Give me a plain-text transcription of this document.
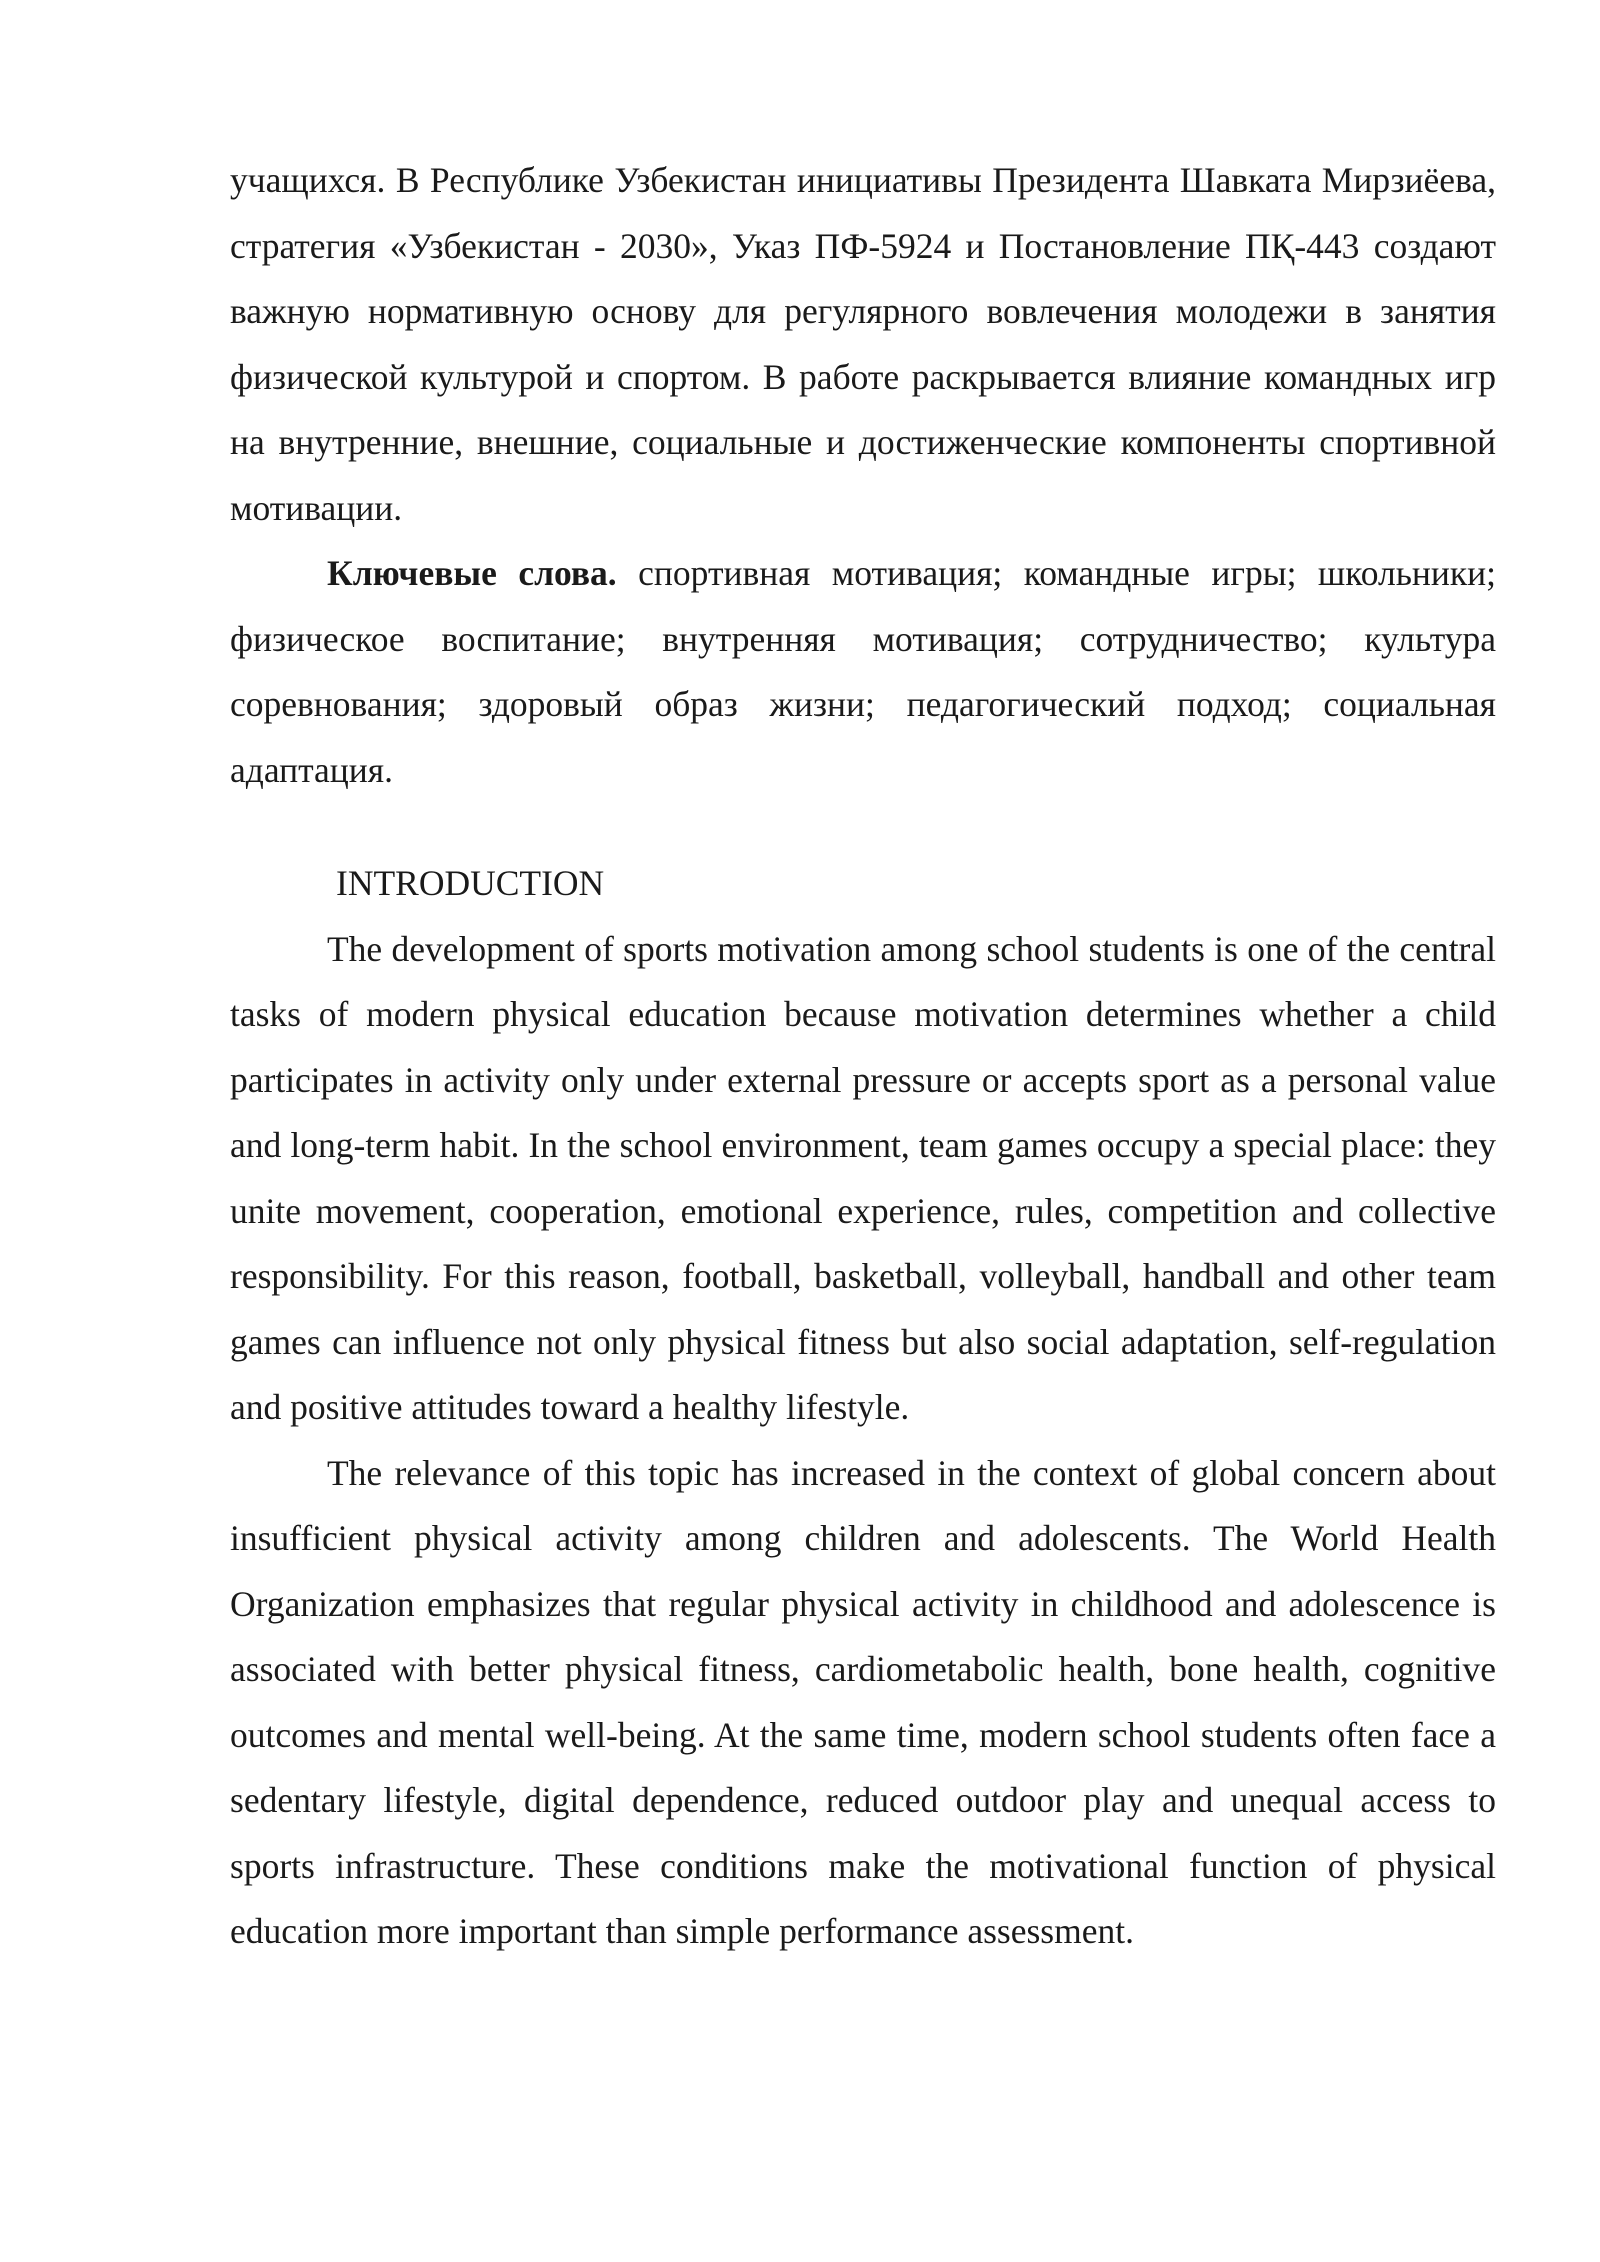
учащихся. В Республике Узбекистан инициативы Президента Шавката Мирзиёева, стратегия «Узбекистан - 2030», Указ ПФ-5924 и Постановление ПҚ-443 создают важную нормативную основу для регулярного вовлечения молодежи в занятия физической культурой и спортом. В работе раскрывается влияние командных игр на внутренние, внешние, социальные и достиженческие компоненты спортивной мотивации.

Ключевые слова. спортивная мотивация; командные игры; школьники; физическое воспитание; внутренняя мотивация; сотрудничество; культура соревнования; здоровый образ жизни; педагогический подход; социальная адаптация.

INTRODUCTION

The development of sports motivation among school students is one of the central tasks of modern physical education because motivation determines whether a child participates in activity only under external pressure or accepts sport as a personal value and long-term habit. In the school environment, team games occupy a special place: they unite movement, cooperation, emotional experience, rules, competition and collective responsibility. For this reason, football, basketball, volleyball, handball and other team games can influence not only physical fitness but also social adaptation, self-regulation and positive attitudes toward a healthy lifestyle.

The relevance of this topic has increased in the context of global concern about insufficient physical activity among children and adolescents. The World Health Organization emphasizes that regular physical activity in childhood and adolescence is associated with better physical fitness, cardiometabolic health, bone health, cognitive outcomes and mental well-being. At the same time, modern school students often face a sedentary lifestyle, digital dependence, reduced outdoor play and unequal access to sports infrastructure. These conditions make the motivational function of physical education more important than simple performance assessment.
